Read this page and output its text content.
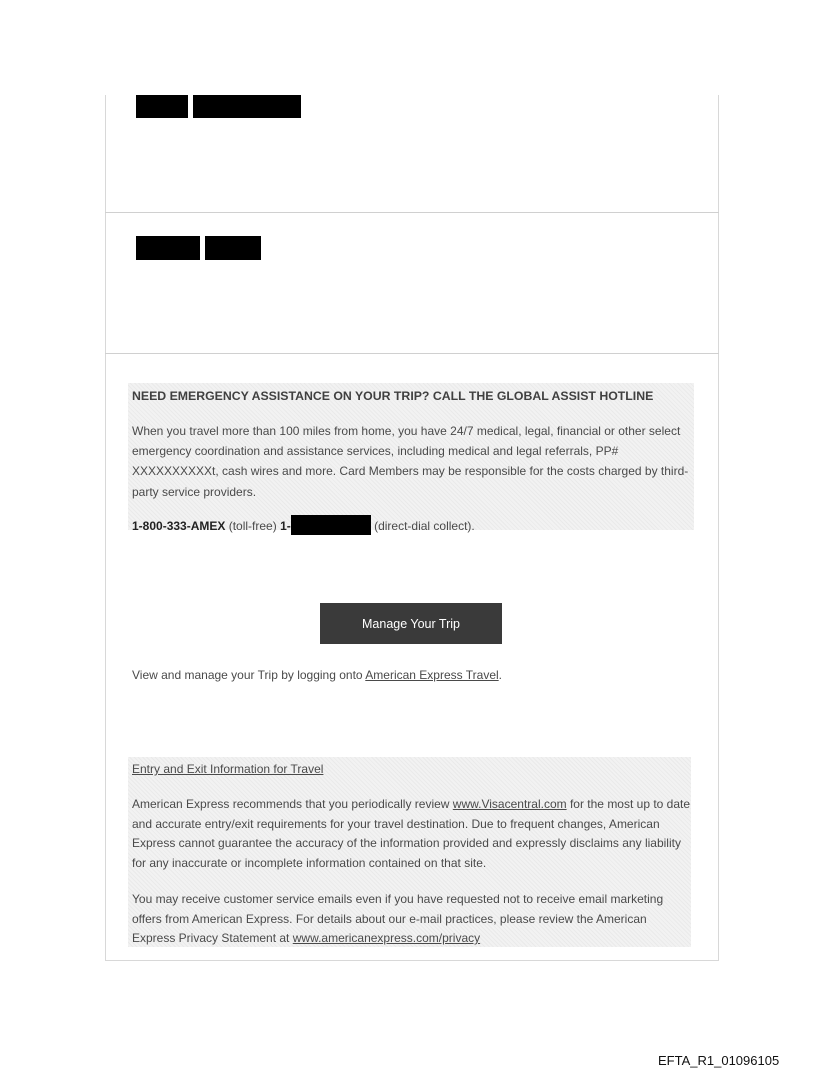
NEED EMERGENCY ASSISTANCE ON YOUR TRIP? CALL THE GLOBAL ASSIST HOTLINE
When you travel more than 100 miles from home, you have 24/7 medical, legal, financial or other select emergency coordination and assistance services, including medical and legal referrals, PP# XXXXXXXXXXt, cash wires and more. Card Members may be responsible for the costs charged by third-party service providers.
1-800-333-AMEX (toll-free) 1-	(direct-dial collect).
Manage Your Trip
View and manage your Trip by logging onto American Express Travel.
Entry and Exit Information for Travel
American Express recommends that you periodically review www.Visacentral.com for the most up to date and accurate entry/exit requirements for your travel destination. Due to frequent changes, American Express cannot guarantee the accuracy of the information provided and expressly disclaims any liability for any inaccurate or incomplete information contained on that site.
You may receive customer service emails even if you have requested not to receive email marketing offers from American Express. For details about our e-mail practices, please review the American Express Privacy Statement at www.americanexpress.com/privacy
EFTA_R1_01096105
